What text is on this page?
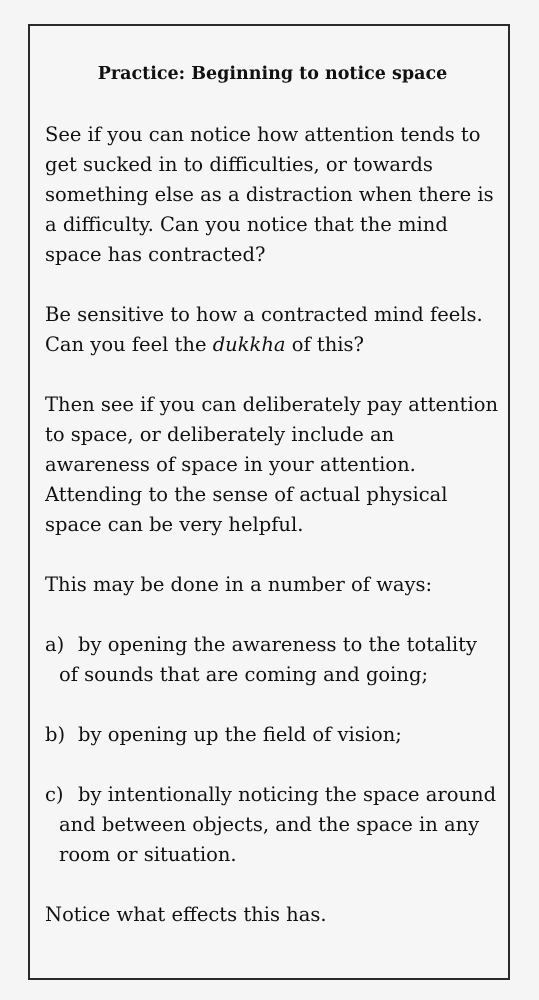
Practice: Beginning to notice space

See if you can notice how attention tends to get sucked in to difficulties, or towards something else as a distraction when there is a difficulty. Can you notice that the mind space has contracted?

Be sensitive to how a contracted mind feels. Can you feel the dukkha of this?

Then see if you can deliberately pay attention to space, or deliberately include an awareness of space in your attention. Attending to the sense of actual physical space can be very helpful.

This may be done in a number of ways:

a) by opening the awareness to the totality of sounds that are coming and going;
b) by opening up the field of vision;
c) by intentionally noticing the space around and between objects, and the space in any room or situation.

Notice what effects this has.
